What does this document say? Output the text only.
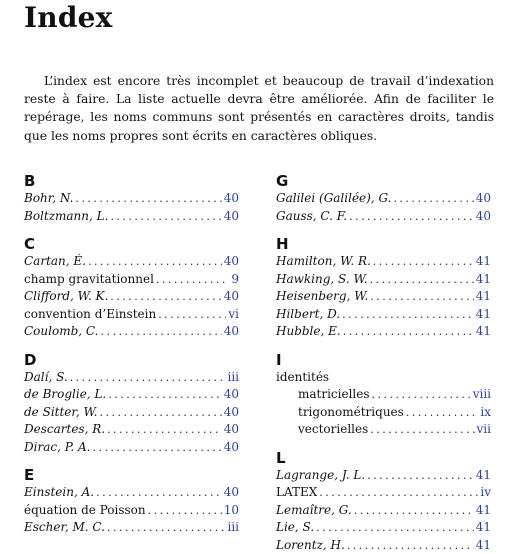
Index

L’index est encore très incomplet et beaucoup de travail d’indexation reste à faire. La liste actuelle devra être améliorée. Afin de faciliter le repérage, les noms communs sont présentés en caractères droits, tandis que les noms propres sont écrits en caractères obliques.

B
Bohr, N. . . .	40
Boltzmann, L. . . .	40
C
Cartan, É. . . .	40
champ gravitationnel . . .	9
Clifford, W. K. . . .	40
convention d’Einstein . . .	vi
Coulomb, C. . . .	40
D
Dalí, S. . . .	iii
de Broglie, L. . . .	40
de Sitter, W. . . .	40
Descartes, R. . . .	40
Dirac, P. A. . . .	40
E
Einstein, A. . . .	40
équation de Poisson . . .	10
Escher, M. C. . . .	iii
G
Galilei (Galilée), G. . . .	40
Gauss, C. F. . . .	40
H
Hamilton, W. R. . . .	41
Hawking, S. W. . . .	41
Heisenberg, W. . . .	41
Hilbert, D. . . .	41
Hubble, E. . . .	41
I
identités
matricielles . . .	viii
trigonométriques . . .	ix
vectorielles . . .	vii
L
Lagrange, J. L. . . .	41
LATEX . . .	iv
Lemaître, G. . . .	41
Lie, S. . . .	41
Lorentz, H. . . .	41
